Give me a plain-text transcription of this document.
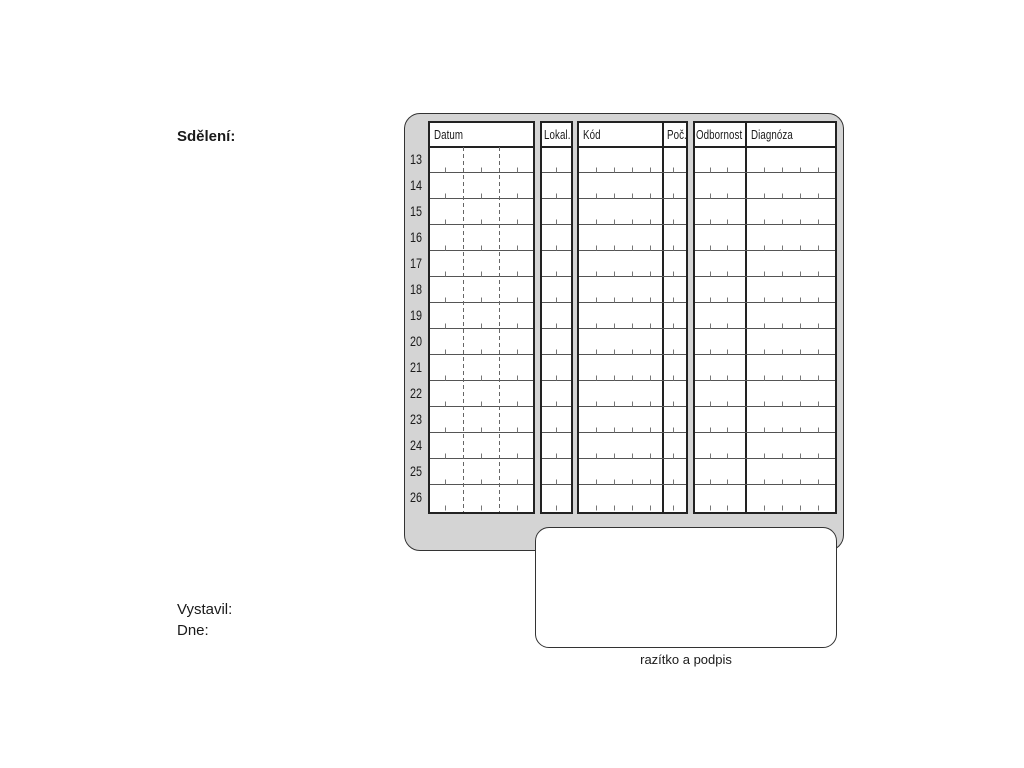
Sdělení:
Vystavil:
Dne:
Datum	Lokal. Kód	Poč. Odbornost Diagnóza
13
14
15
16
17
18
19
20
21
22
23
24
25
26
razítko a podpis
